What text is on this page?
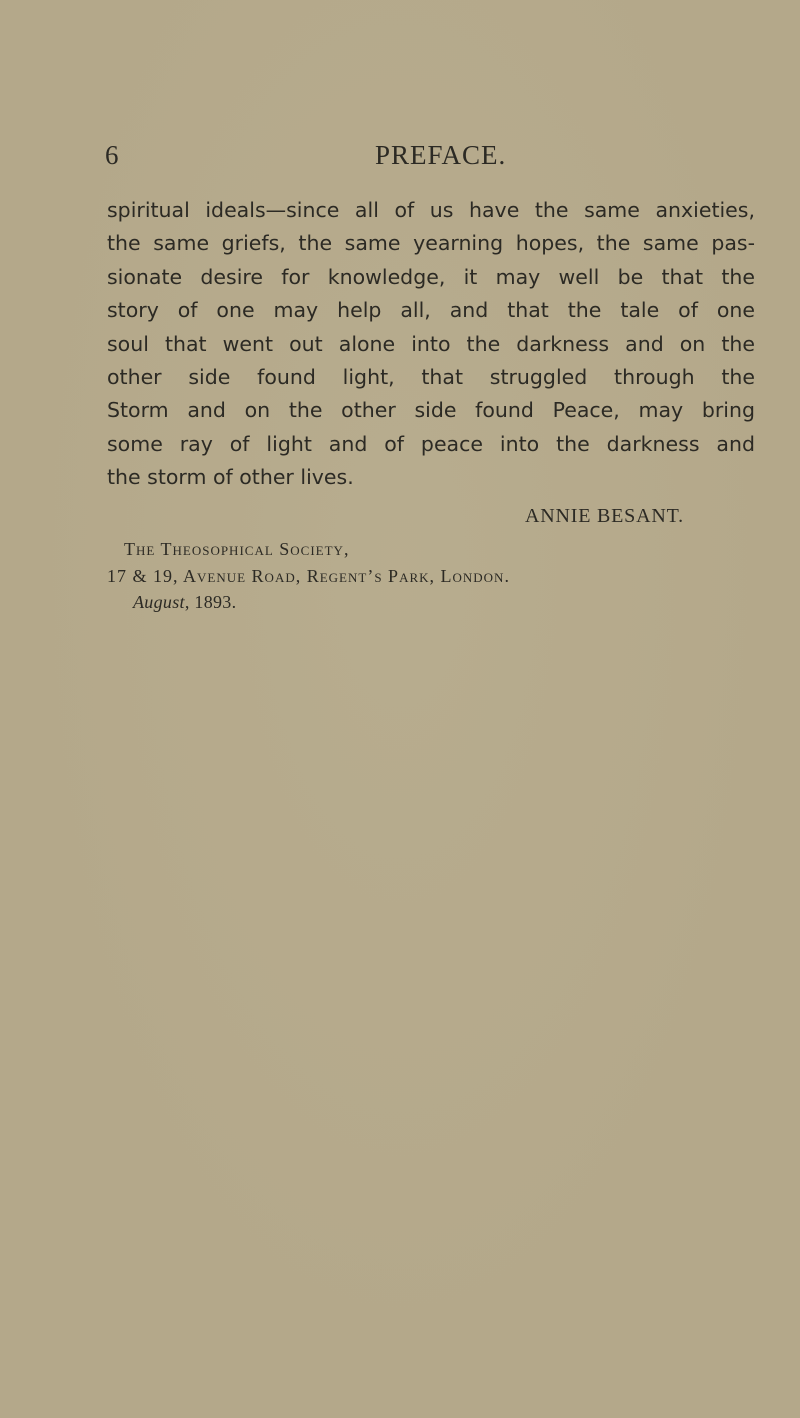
6	PREFACE.
spiritual ideals—since all of us have the same anxieties,
the same griefs, the same yearning hopes, the same pas-
sionate desire for knowledge, it may well be that the
story of one may help all, and that the tale of one
soul that went out alone into the darkness and on the
other side found light, that struggled through the
Storm and on the other side found Peace, may bring
some ray of light and of peace into the darkness and
the storm of other lives.
ANNIE BESANT.
The Theosophical Society,
17 & 19, Avenue Road, Regent’s Park, London.
August, 1893.
